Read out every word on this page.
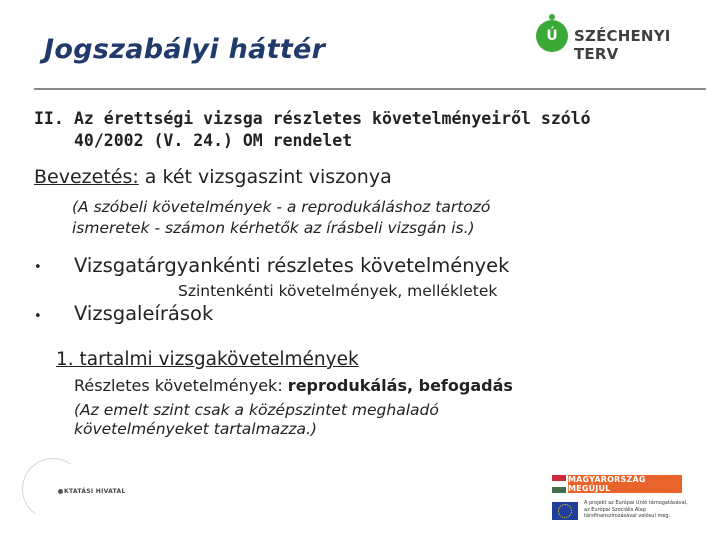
Jogszabályi háttér	Ú	SZÉCHENYI TERV
II. Az érettségi vizsga részletes követelményeiről szóló
40/2002 (V. 24.) OM rendelet
Bevezetés: a két vizsgaszint viszonya
(A szóbeli követelmények - a reprodukáláshoz tartozó
ismeretek - számon kérhetők az írásbeli vizsgán is.)
• Vizsgatárgyankénti részletes követelmények
Szintenkénti követelmények, mellékletek
• Vizsgaleírások
1. tartalmi vizsgakövetelmények
Részletes követelmények: reprodukálás, befogadás
(Az emelt szint csak a középszintet meghaladó
követelményeket tartalmazza.)
KTATÁSI HIVATAL
MAGYARORSZÁG MEGÚJUL
A projekt az Európai Unió támogatásával, az Európai Szociális Alap társfinanszírozásával valósul meg.
